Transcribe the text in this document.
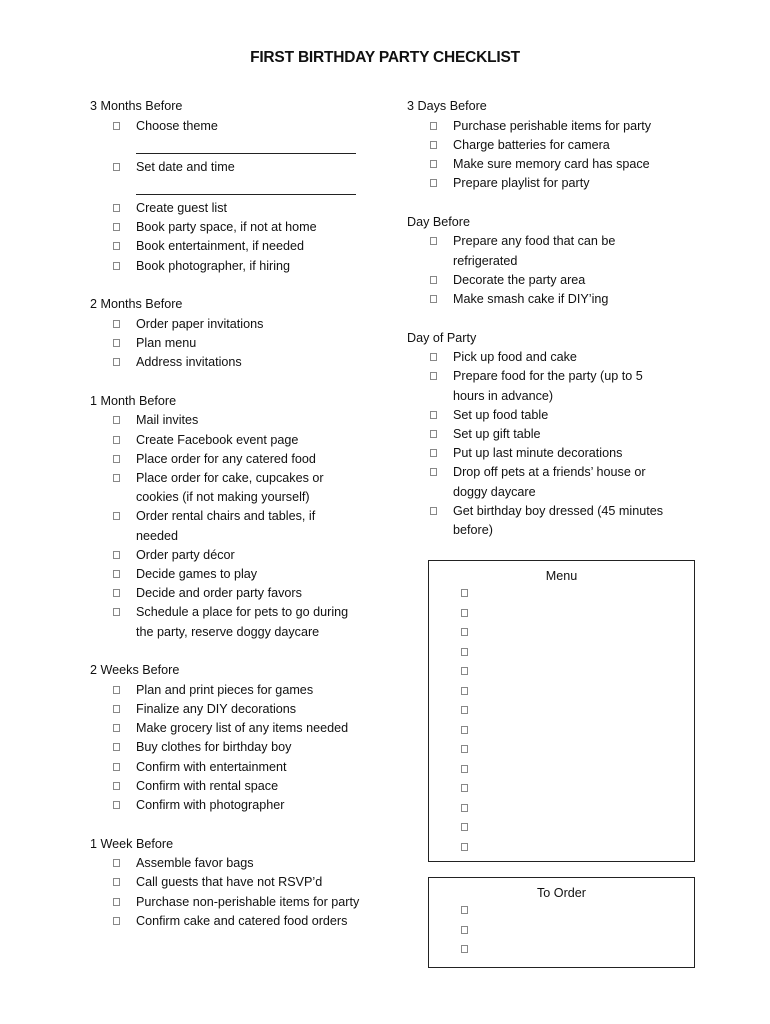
FIRST BIRTHDAY PARTY CHECKLIST
3 Months Before
Choose theme
Set date and time
Create guest list
Book party space, if not at home
Book entertainment, if needed
Book photographer, if hiring
2 Months Before
Order paper invitations
Plan menu
Address invitations
1 Month Before
Mail invites
Create Facebook event page
Place order for any catered food
Place order for cake, cupcakes or
cookies (if not making yourself)
Order rental chairs and tables, if
needed
Order party décor
Decide games to play
Decide and order party favors
Schedule a place for pets to go during
the party, reserve doggy daycare
2 Weeks Before
Plan and print pieces for games
Finalize any DIY decorations
Make grocery list of any items needed
Buy clothes for birthday boy
Confirm with entertainment
Confirm with rental space
Confirm with photographer
1 Week Before
Assemble favor bags
Call guests that have not RSVP’d
Purchase non-perishable items for party
Confirm cake and catered food orders
3 Days Before
Purchase perishable items for party
Charge batteries for camera
Make sure memory card has space
Prepare playlist for party
Day Before
Prepare any food that can be
refrigerated
Decorate the party area
Make smash cake if DIY’ing
Day of Party
Pick up food and cake
Prepare food for the party (up to 5
hours in advance)
Set up food table
Set up gift table
Put up last minute decorations
Drop off pets at a friends’ house or
doggy daycare
Get birthday boy dressed (45 minutes
before)
Menu
To Order
